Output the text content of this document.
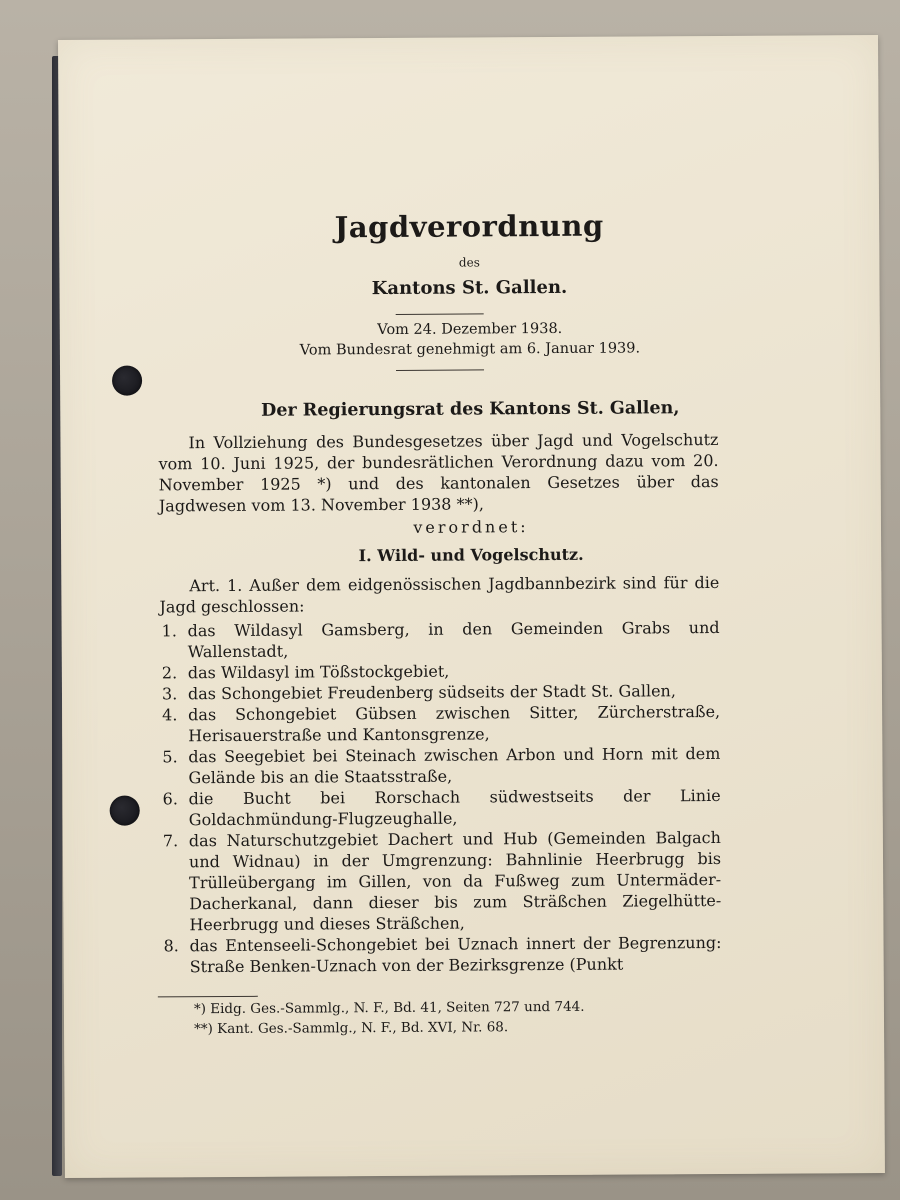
Jagdverordnung
des
Kantons St. Gallen.
Vom 24. Dezember 1938.
Vom Bundesrat genehmigt am 6. Januar 1939.
Der Regierungsrat des Kantons St. Gallen,
In Vollziehung des Bundesgesetzes über Jagd und Vogelschutz vom 10. Juni 1925, der bundesrätlichen Verordnung dazu vom 20. November 1925 *) und des kantonalen Gesetzes über das Jagdwesen vom 13. November 1938 **),
verordnet:
I. Wild- und Vogelschutz.
Art. 1. Außer dem eidgenössischen Jagdbannbezirk sind für die Jagd geschlossen:
1. das Wildasyl Gamsberg, in den Gemeinden Grabs und Wallenstadt,
2. das Wildasyl im Tößstockgebiet,
3. das Schongebiet Freudenberg südseits der Stadt St. Gallen,
4. das Schongebiet Gübsen zwischen Sitter, Zürcherstraße, Herisauerstraße und Kantonsgrenze,
5. das Seegebiet bei Steinach zwischen Arbon und Horn mit dem Gelände bis an die Staatsstraße,
6. die Bucht bei Rorschach südwestseits der Linie Goldachmündung-Flugzeughalle,
7. das Naturschutzgebiet Dachert und Hub (Gemeinden Balgach und Widnau) in der Umgrenzung: Bahnlinie Heerbrugg bis Trülleübergang im Gillen, von da Fußweg zum Untermäder-Dacherkanal, dann dieser bis zum Sträßchen Ziegelhütte-Heerbrugg und dieses Sträßchen,
8. das Entenseeli-Schongebiet bei Uznach innert der Begrenzung: Straße Benken-Uznach von der Bezirksgrenze (Punkt
*) Eidg. Ges.-Sammlg., N. F., Bd. 41, Seiten 727 und 744.
**) Kant. Ges.-Sammlg., N. F., Bd. XVI, Nr. 68.
